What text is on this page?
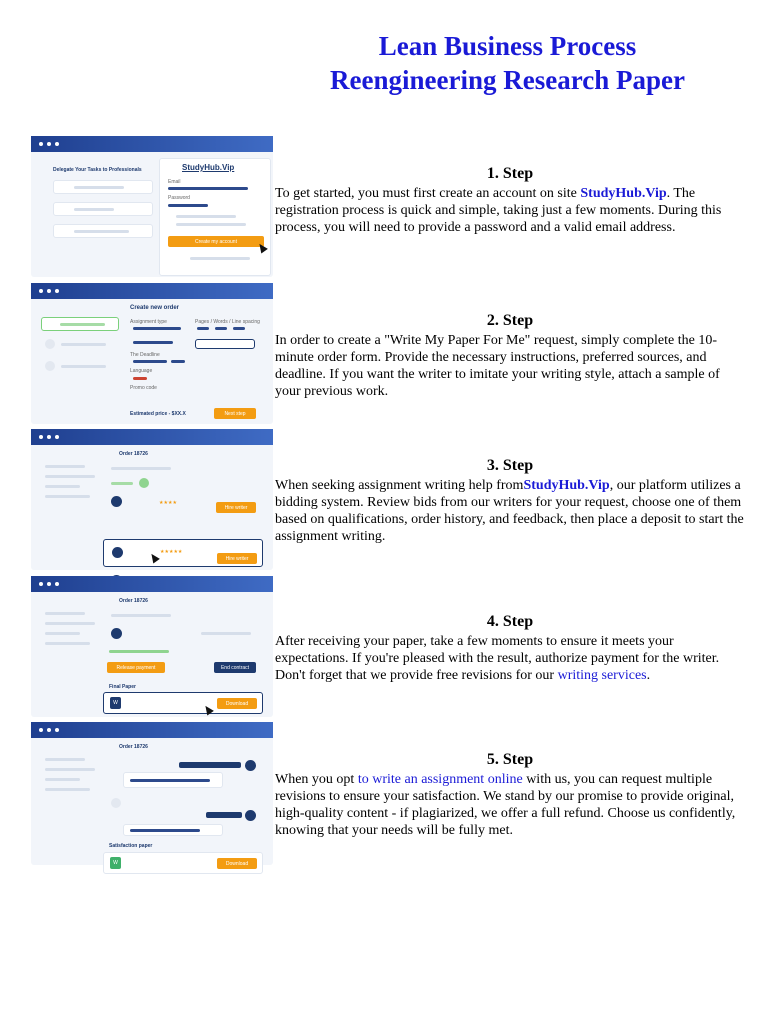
Lean Business Process
Reengineering Research Paper
Delegate Your Tasks to Professionals	StudyHub.Vip
Email
Password
Create my account
Create new order
Assignment type	Pages / Words / Line spacing
The Deadline
Language
Promo code
Estimated price - $XX.X	Next step
Order 18726
★★★★
Hire writer
★★★★★
Hire writer
Order 18726
Release payment	End contract
Final Paper
W	Download
Order 18726
Satisfaction paper
W	Download
1. Step

To get started, you must first create an account on site StudyHub.Vip. The registration process is quick and simple, taking just a few moments. During this process, you will need to provide a password and a valid email address.

2. Step

In order to create a "Write My Paper For Me" request, simply complete the 10-minute order form. Provide the necessary instructions, preferred sources, and deadline. If you want the writer to imitate your writing style, attach a sample of your previous work.

3. Step

When seeking assignment writing help fromStudyHub.Vip, our platform utilizes a bidding system. Review bids from our writers for your request, choose one of them based on qualifications, order history, and feedback, then place a deposit to start the assignment writing.

4. Step

After receiving your paper, take a few moments to ensure it meets your expectations. If you're pleased with the result, authorize payment for the writer. Don't forget that we provide free revisions for our writing services.

5. Step

When you opt to write an assignment online with us, you can request multiple revisions to ensure your satisfaction. We stand by our promise to provide original, high-quality content - if plagiarized, we offer a full refund. Choose us confidently, knowing that your needs will be fully met.
